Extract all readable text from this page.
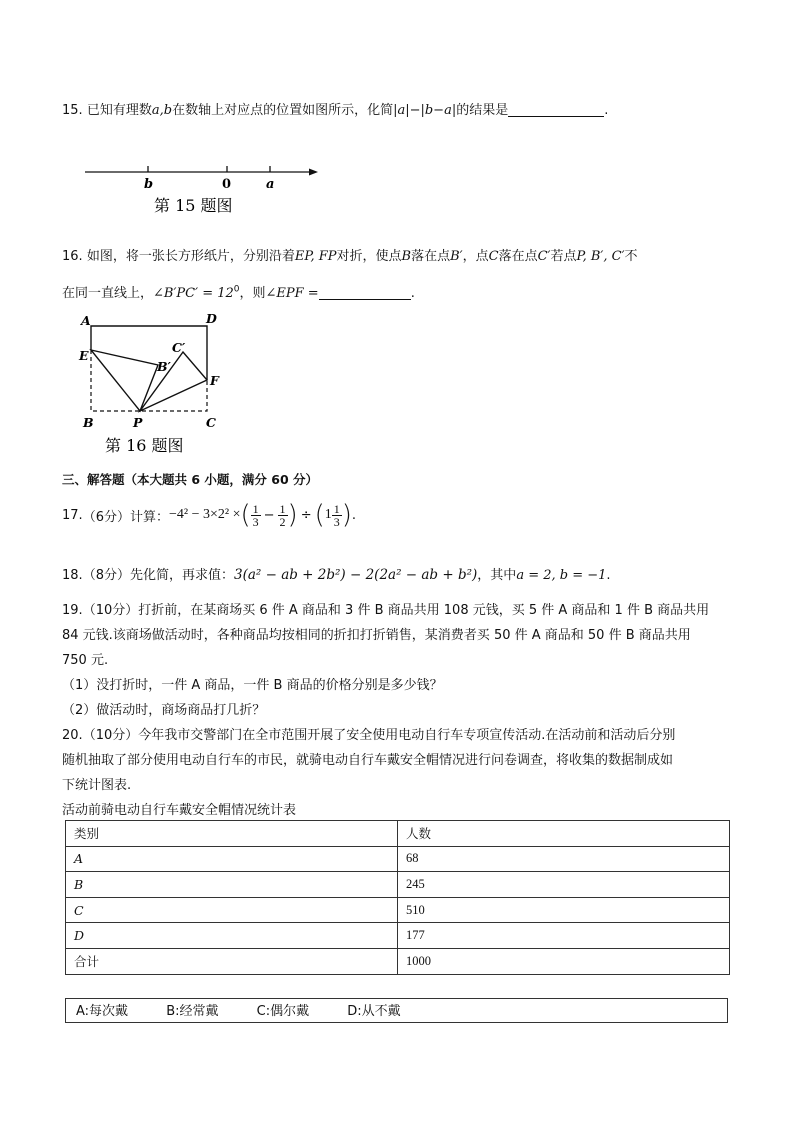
15. 已知有理数a,b在数轴上对应点的位置如图所示，化简|a|−|b−a|的结果是	.
b	0	a
第 15 题图
16. 如图，将一张长方形纸片，分别沿着EP, FP对折，使点B落在点B′，点C落在点C′若点P, B′, C′不
在同一直线上，∠B′PC′ = $12^0$，则∠EPF =	.
A	D
E
C′
B′
F
B	P	C
第 16 题图
三、解答题（本大题共 6 小题，满分 60 分）
17. （6分） 计算： −4² − 3×2² × ( $\frac{1}{3} - \frac{1}{2}$ ) ÷ ( $1 \frac{1}{3}$ ) .
18.（8分）先化简，再求值：3(a² − ab + 2b²) − 2(2a² − ab + b²)，其中a = 2, b = −1.
19.（10分）打折前，在某商场买 6 件 A 商品和 3 件 B 商品共用 108 元钱，买 5 件 A 商品和 1 件 B 商品共用
84 元钱.该商场做活动时，各种商品均按相同的折扣打折销售，某消费者买 50 件 A 商品和 50 件 B 商品共用
750 元.
（1）没打折时，一件 A 商品，一件 B 商品的价格分别是多少钱？
（2）做活动时，商场商品打几折？
20.（10分）今年我市交警部门在全市范围开展了安全使用电动自行车专项宣传活动.在活动前和活动后分别
随机抽取了部分使用电动自行车的市民，就骑电动自行车戴安全帽情况进行问卷调查，将收集的数据制成如
下统计图表.
活动前骑电动自行车戴安全帽情况统计表
类别	人数
A	68
B	245
C	510
D	177
合计	1000
A:每次戴	B:经常戴	C:偶尔戴	D:从不戴
